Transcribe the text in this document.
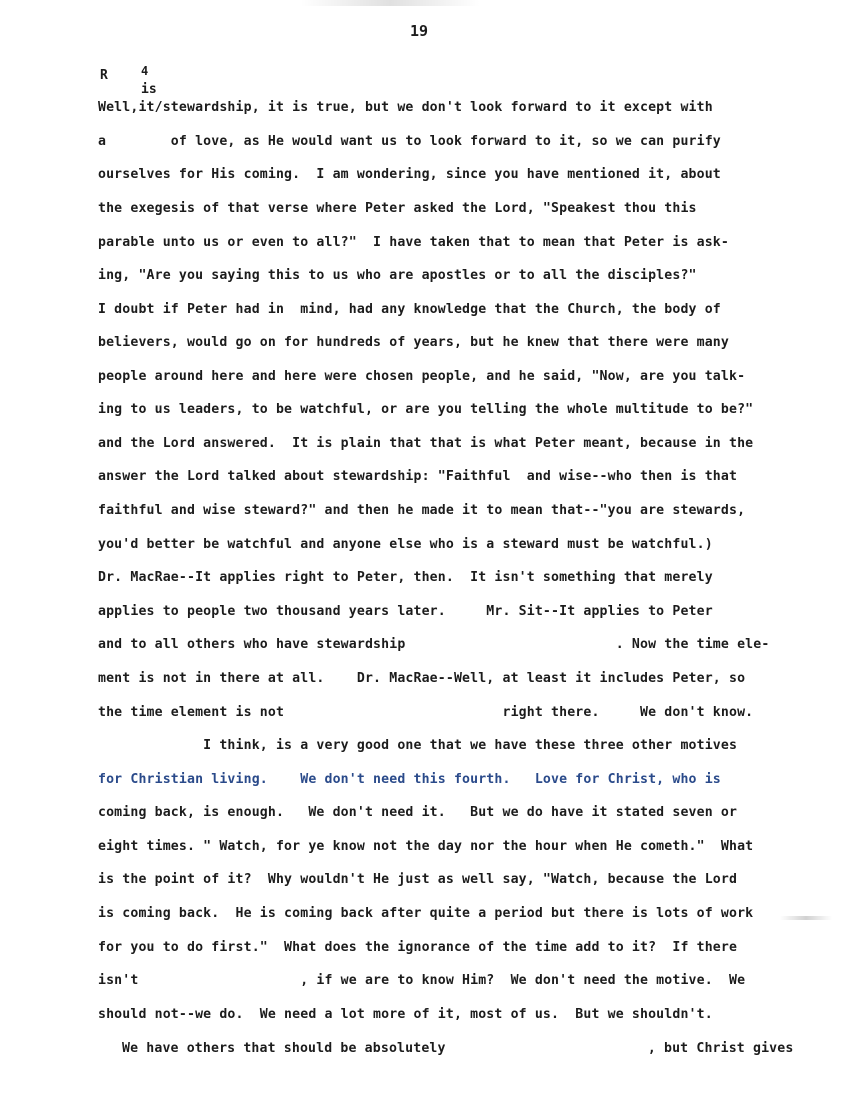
19
R	4
is
Well,it/stewardship, it is true, but we don't look forward to it except with
a        of love, as He would want us to look forward to it, so we can purify
ourselves for His coming.  I am wondering, since you have mentioned it, about
the exegesis of that verse where Peter asked the Lord, "Speakest thou this
parable unto us or even to all?"  I have taken that to mean that Peter is ask-
ing, "Are you saying this to us who are apostles or to all the disciples?"
I doubt if Peter had in  mind, had any knowledge that the Church, the body of
believers, would go on for hundreds of years, but he knew that there were many
people around here and here were chosen people, and he said, "Now, are you talk-
ing to us leaders, to be watchful, or are you telling the whole multitude to be?"
and the Lord answered.  It is plain that that is what Peter meant, because in the
answer the Lord talked about stewardship: "Faithful  and wise--who then is that
faithful and wise steward?" and then he made it to mean that--"you are stewards,
you'd better be watchful and anyone else who is a steward must be watchful.)
Dr. MacRae--It applies right to Peter, then.  It isn't something that merely
applies to people two thousand years later.     Mr. Sit--It applies to Peter
and to all others who have stewardship                          . Now the time ele-
ment is not in there at all.    Dr. MacRae--Well, at least it includes Peter, so
the time element is not                           right there.     We don't know.
I think, is a very good one that we have these three other motives
for Christian living.    We don't need this fourth.   Love for Christ, who is
coming back, is enough.   We don't need it.   But we do have it stated seven or
eight times. " Watch, for ye know not the day nor the hour when He cometh."  What
is the point of it?  Why wouldn't He just as well say, "Watch, because the Lord
is coming back.  He is coming back after quite a period but there is lots of work
for you to do first."  What does the ignorance of the time add to it?  If there
isn't                    , if we are to know Him?  We don't need the motive.  We
should not--we do.  We need a lot more of it, most of us.  But we shouldn't.
We have others that should be absolutely                         , but Christ gives
